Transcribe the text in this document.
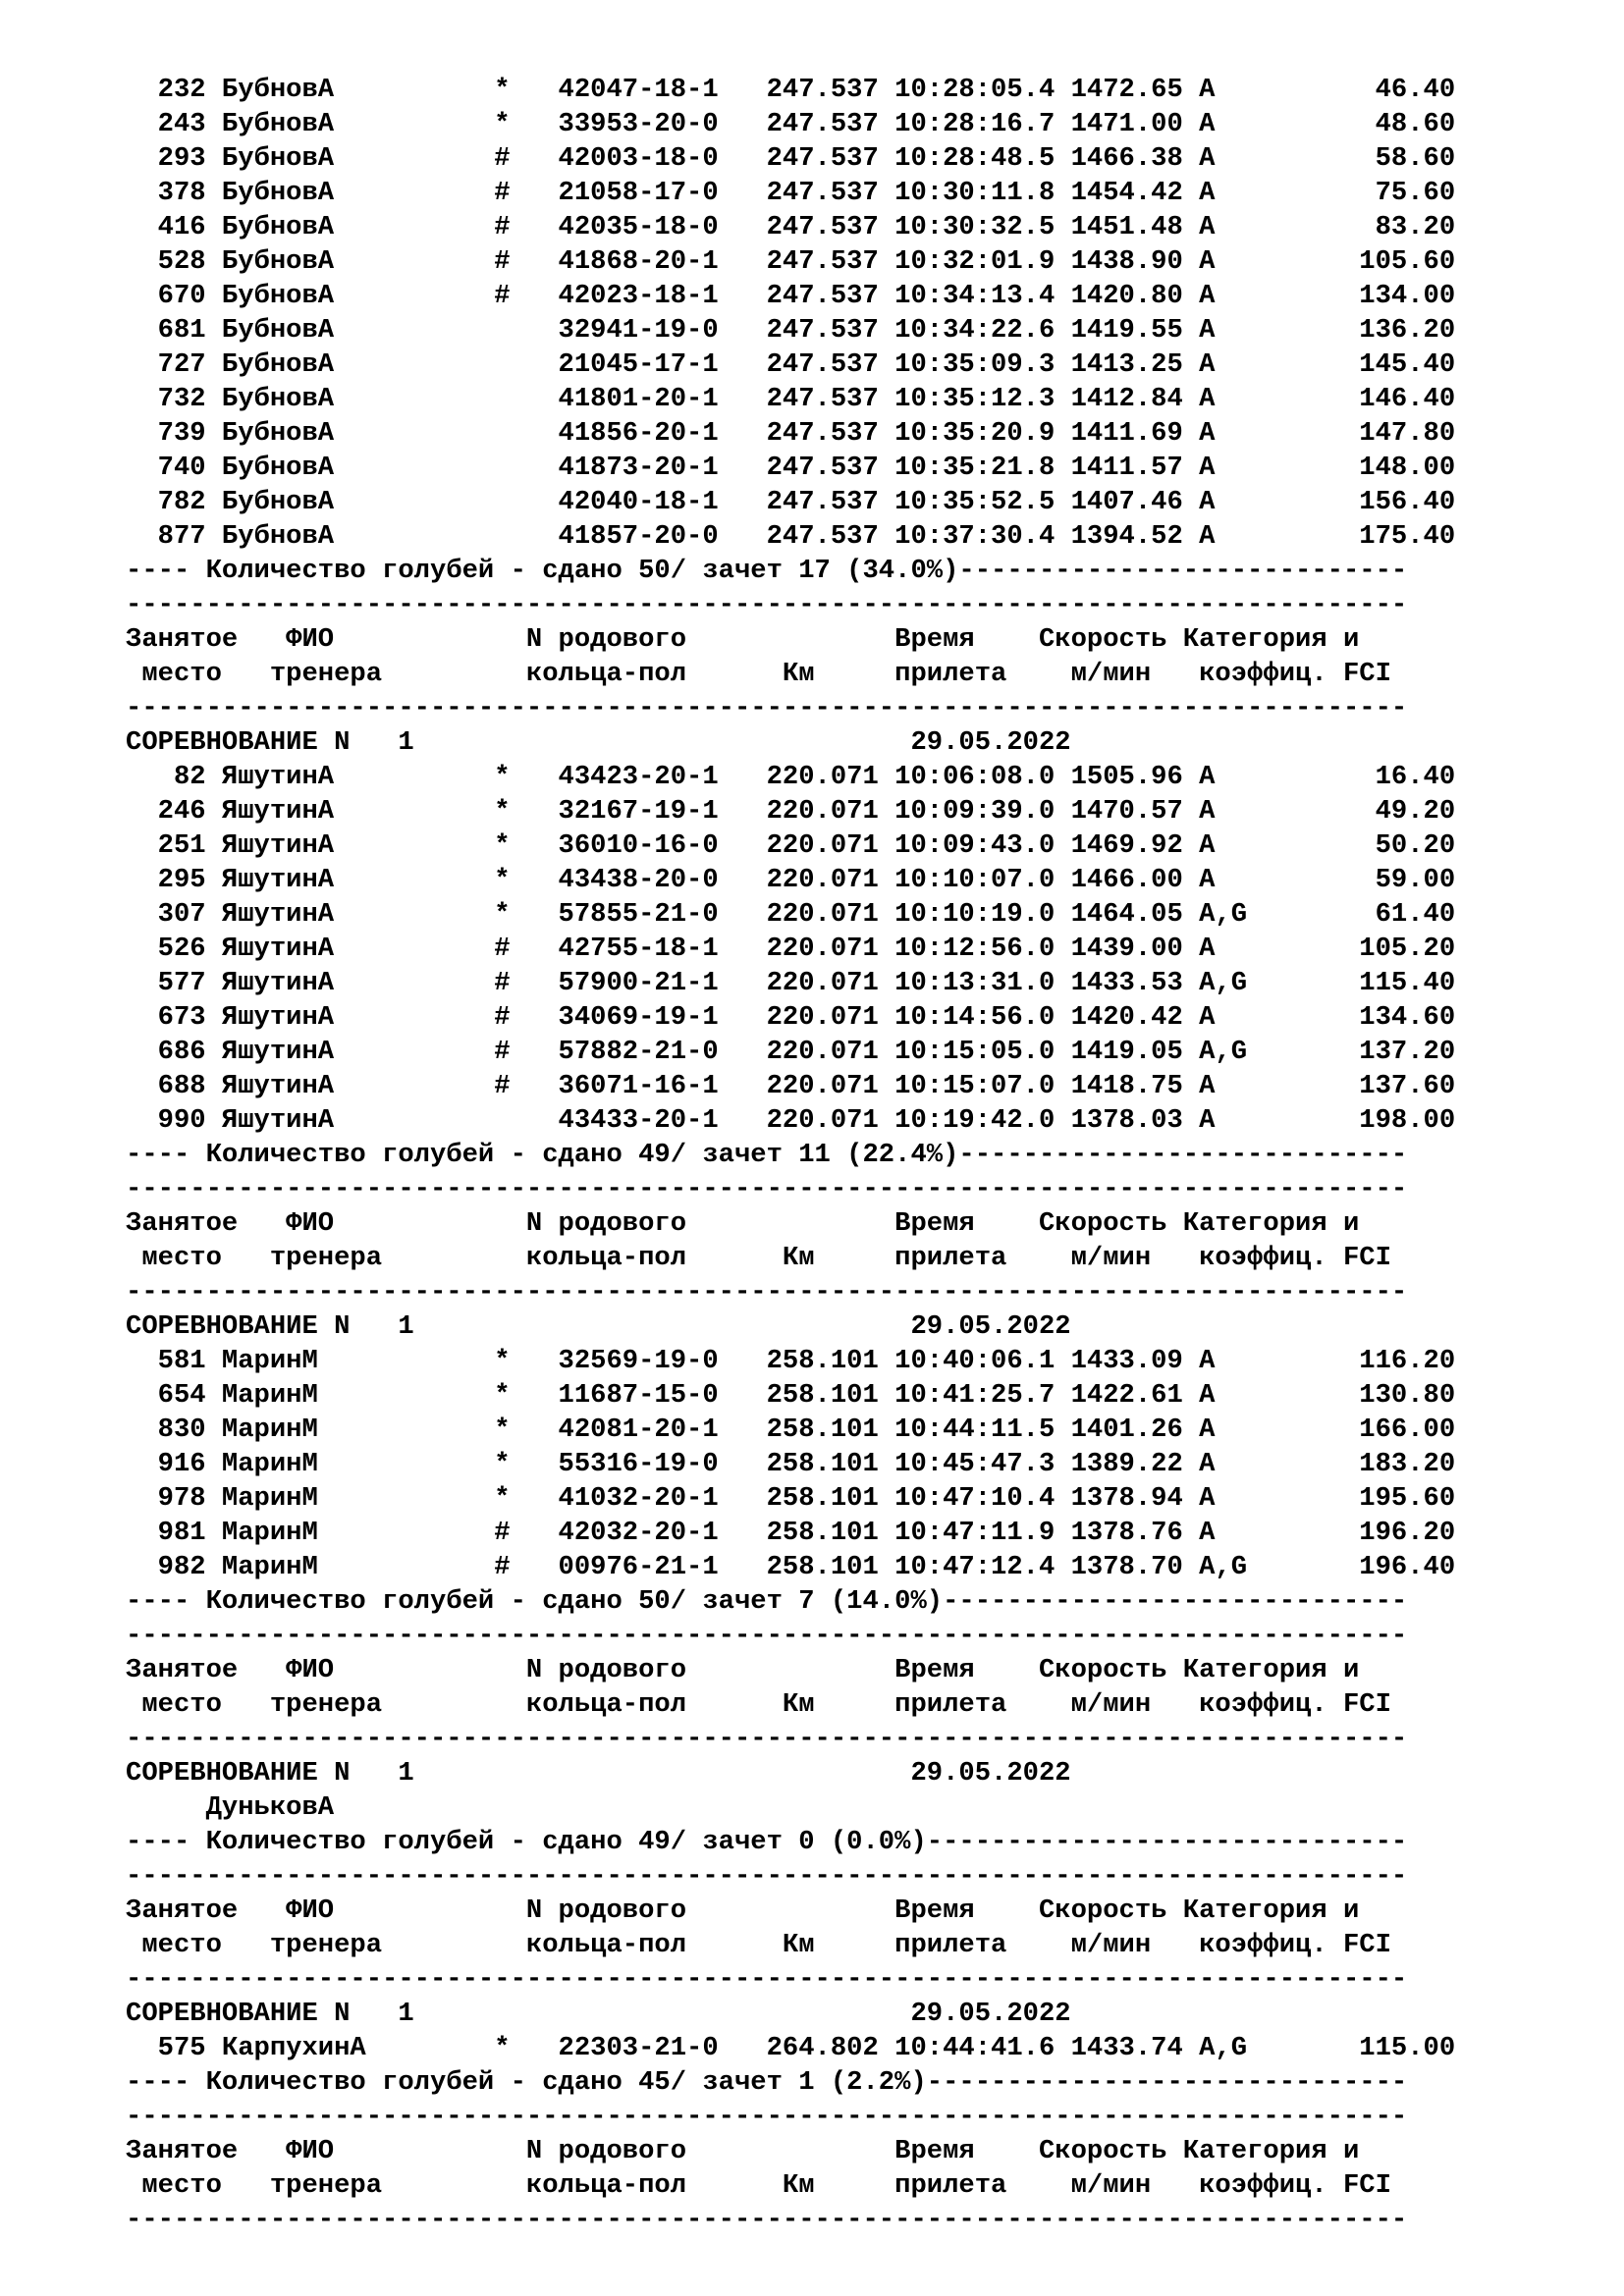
232 БубновА          *   42047-18-1   247.537 10:28:05.4 1472.65 A          46.40
243 БубновА          *   33953-20-0   247.537 10:28:16.7 1471.00 A          48.60
293 БубновА          #   42003-18-0   247.537 10:28:48.5 1466.38 A          58.60
378 БубновА          #   21058-17-0   247.537 10:30:11.8 1454.42 A          75.60
416 БубновА          #   42035-18-0   247.537 10:30:32.5 1451.48 A          83.20
528 БубновА          #   41868-20-1   247.537 10:32:01.9 1438.90 A         105.60
670 БубновА          #   42023-18-1   247.537 10:34:13.4 1420.80 A         134.00
681 БубновА              32941-19-0   247.537 10:34:22.6 1419.55 A         136.20
727 БубновА              21045-17-1   247.537 10:35:09.3 1413.25 A         145.40
732 БубновА              41801-20-1   247.537 10:35:12.3 1412.84 A         146.40
739 БубновА              41856-20-1   247.537 10:35:20.9 1411.69 A         147.80
740 БубновА              41873-20-1   247.537 10:35:21.8 1411.57 A         148.00
782 БубновА              42040-18-1   247.537 10:35:52.5 1407.46 A         156.40
877 БубновА              41857-20-0   247.537 10:37:30.4 1394.52 A         175.40
---- Количество голубей - сдано 50/ зачет 17 (34.0%)----------------------------
--------------------------------------------------------------------------------
Занятое   ФИО            N родового             Время    Скорость Категория и
место   тренера         кольца-пол      Км     прилета    м/мин   коэффиц. FCI
--------------------------------------------------------------------------------
СОРЕВНОВАНИЕ N   1                               29.05.2022
82 ЯшутинА          *   43423-20-1   220.071 10:06:08.0 1505.96 A          16.40
246 ЯшутинА          *   32167-19-1   220.071 10:09:39.0 1470.57 A          49.20
251 ЯшутинА          *   36010-16-0   220.071 10:09:43.0 1469.92 A          50.20
295 ЯшутинА          *   43438-20-0   220.071 10:10:07.0 1466.00 A          59.00
307 ЯшутинА          *   57855-21-0   220.071 10:10:19.0 1464.05 A,G        61.40
526 ЯшутинА          #   42755-18-1   220.071 10:12:56.0 1439.00 A         105.20
577 ЯшутинА          #   57900-21-1   220.071 10:13:31.0 1433.53 A,G       115.40
673 ЯшутинА          #   34069-19-1   220.071 10:14:56.0 1420.42 A         134.60
686 ЯшутинА          #   57882-21-0   220.071 10:15:05.0 1419.05 A,G       137.20
688 ЯшутинА          #   36071-16-1   220.071 10:15:07.0 1418.75 A         137.60
990 ЯшутинА              43433-20-1   220.071 10:19:42.0 1378.03 A         198.00
---- Количество голубей - сдано 49/ зачет 11 (22.4%)----------------------------
--------------------------------------------------------------------------------
Занятое   ФИО            N родового             Время    Скорость Категория и
место   тренера         кольца-пол      Км     прилета    м/мин   коэффиц. FCI
--------------------------------------------------------------------------------
СОРЕВНОВАНИЕ N   1                               29.05.2022
581 МаринМ           *   32569-19-0   258.101 10:40:06.1 1433.09 A         116.20
654 МаринМ           *   11687-15-0   258.101 10:41:25.7 1422.61 A         130.80
830 МаринМ           *   42081-20-1   258.101 10:44:11.5 1401.26 A         166.00
916 МаринМ           *   55316-19-0   258.101 10:45:47.3 1389.22 A         183.20
978 МаринМ           *   41032-20-1   258.101 10:47:10.4 1378.94 A         195.60
981 МаринМ           #   42032-20-1   258.101 10:47:11.9 1378.76 A         196.20
982 МаринМ           #   00976-21-1   258.101 10:47:12.4 1378.70 A,G       196.40
---- Количество голубей - сдано 50/ зачет 7 (14.0%)-----------------------------
--------------------------------------------------------------------------------
Занятое   ФИО            N родового             Время    Скорость Категория и
место   тренера         кольца-пол      Км     прилета    м/мин   коэффиц. FCI
--------------------------------------------------------------------------------
СОРЕВНОВАНИЕ N   1                               29.05.2022
ДуньковА
---- Количество голубей - сдано 49/ зачет 0 (0.0%)------------------------------
--------------------------------------------------------------------------------
Занятое   ФИО            N родового             Время    Скорость Категория и
место   тренера         кольца-пол      Км     прилета    м/мин   коэффиц. FCI
--------------------------------------------------------------------------------
СОРЕВНОВАНИЕ N   1                               29.05.2022
575 КарпухинА        *   22303-21-0   264.802 10:44:41.6 1433.74 A,G       115.00
---- Количество голубей - сдано 45/ зачет 1 (2.2%)------------------------------
--------------------------------------------------------------------------------
Занятое   ФИО            N родового             Время    Скорость Категория и
место   тренера         кольца-пол      Км     прилета    м/мин   коэффиц. FCI
--------------------------------------------------------------------------------
